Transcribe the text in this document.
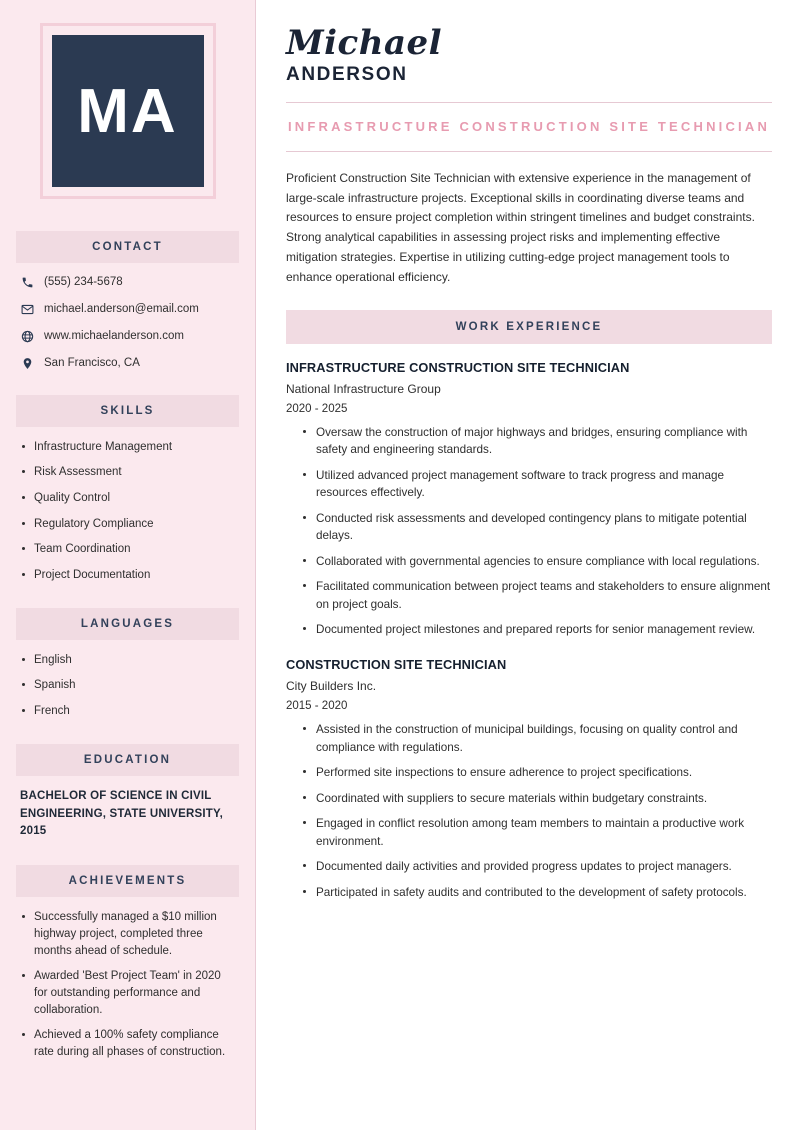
MA
CONTACT
(555) 234-5678
michael.anderson@email.com
www.michaelanderson.com
San Francisco, CA
SKILLS
Infrastructure Management
Risk Assessment
Quality Control
Regulatory Compliance
Team Coordination
Project Documentation
LANGUAGES
English
Spanish
French
EDUCATION
BACHELOR OF SCIENCE IN CIVIL ENGINEERING, STATE UNIVERSITY, 2015
ACHIEVEMENTS
Successfully managed a $10 million highway project, completed three months ahead of schedule.
Awarded 'Best Project Team' in 2020 for outstanding performance and collaboration.
Achieved a 100% safety compliance rate during all phases of construction.
Michael
ANDERSON
INFRASTRUCTURE CONSTRUCTION SITE TECHNICIAN

Proficient Construction Site Technician with extensive experience in the management of large-scale infrastructure projects. Exceptional skills in coordinating diverse teams and resources to ensure project completion within stringent timelines and budget constraints. Strong analytical capabilities in assessing project risks and implementing effective mitigation strategies. Expertise in utilizing cutting-edge project management tools to enhance operational efficiency.

WORK EXPERIENCE
INFRASTRUCTURE CONSTRUCTION SITE TECHNICIAN
National Infrastructure Group
2020 - 2025
Oversaw the construction of major highways and bridges, ensuring compliance with safety and engineering standards.
Utilized advanced project management software to track progress and manage resources effectively.
Conducted risk assessments and developed contingency plans to mitigate potential delays.
Collaborated with governmental agencies to ensure compliance with local regulations.
Facilitated communication between project teams and stakeholders to ensure alignment on project goals.
Documented project milestones and prepared reports for senior management review.
CONSTRUCTION SITE TECHNICIAN
City Builders Inc.
2015 - 2020
Assisted in the construction of municipal buildings, focusing on quality control and compliance with regulations.
Performed site inspections to ensure adherence to project specifications.
Coordinated with suppliers to secure materials within budgetary constraints.
Engaged in conflict resolution among team members to maintain a productive work environment.
Documented daily activities and provided progress updates to project managers.
Participated in safety audits and contributed to the development of safety protocols.
